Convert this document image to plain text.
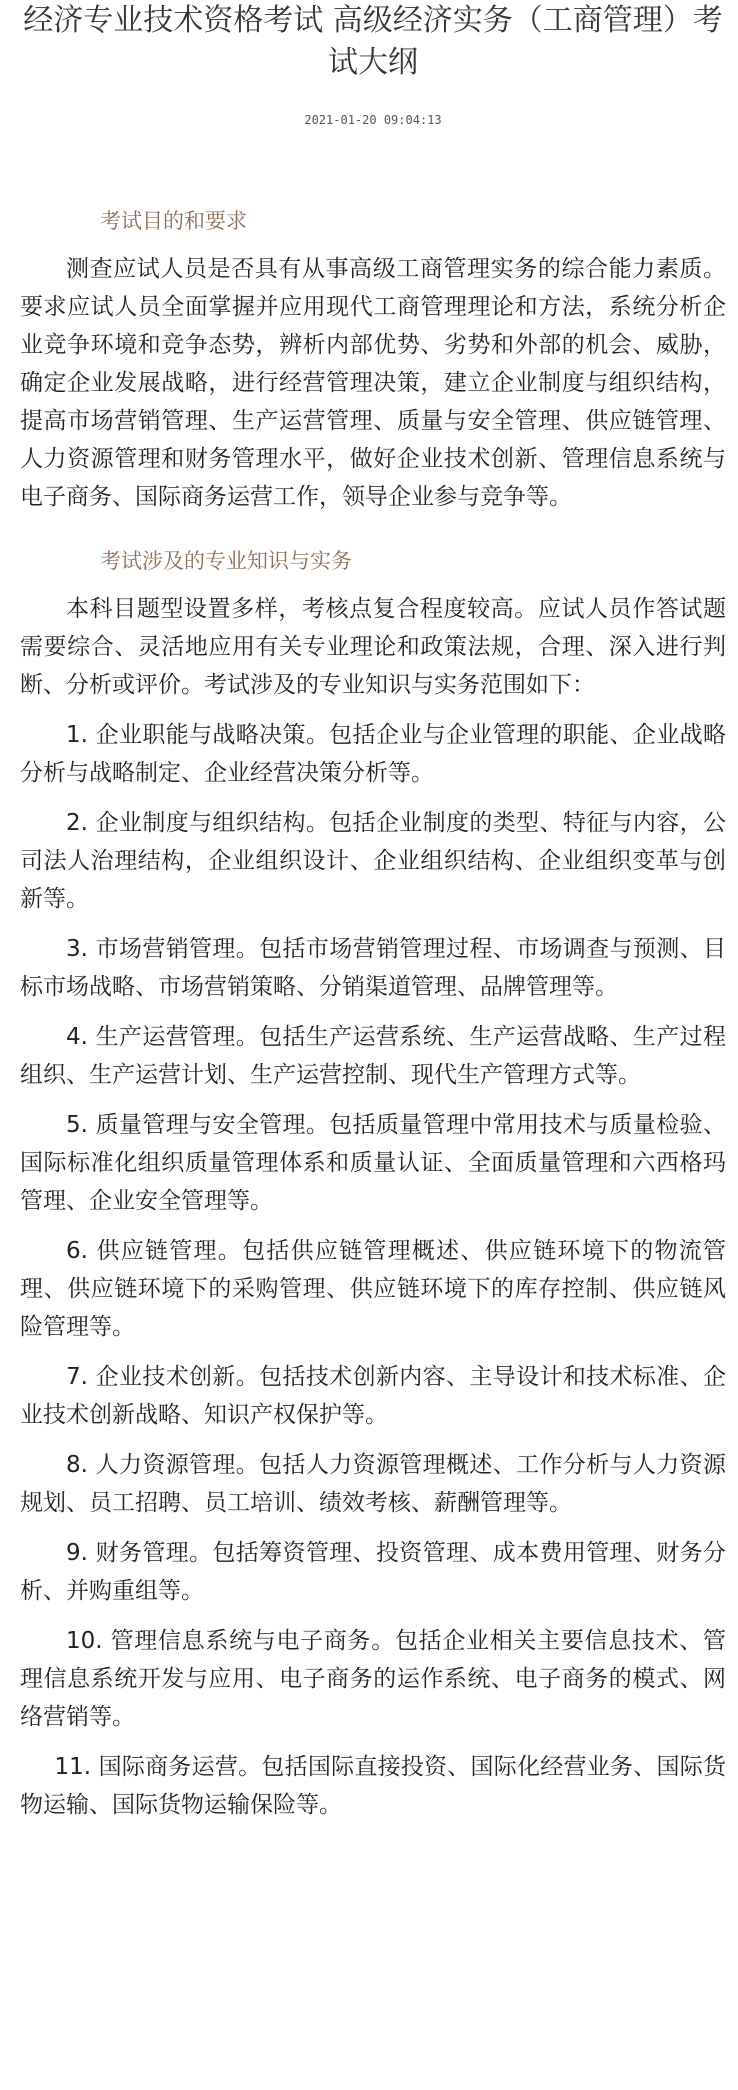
经济专业技术资格考试 高级经济实务（工商管理）考试大纲
2021-01-20 09:04:13
考试目的和要求

测查应试人员是否具有从事高级工商管理实务的综合能力素质。要求应试人员全面掌握并应用现代工商管理理论和方法，系统分析企业竞争环境和竞争态势，辨析内部优势、劣势和外部的机会、威胁，确定企业发展战略，进行经营管理决策，建立企业制度与组织结构，提高市场营销管理、生产运营管理、质量与安全管理、供应链管理、人力资源管理和财务管理水平，做好企业技术创新、管理信息系统与电子商务、国际商务运营工作，领导企业参与竞争等。

考试涉及的专业知识与实务

本科目题型设置多样，考核点复合程度较高。应试人员作答试题需要综合、灵活地应用有关专业理论和政策法规，合理、深入进行判断、分析或评价。考试涉及的专业知识与实务范围如下：

1. 企业职能与战略决策。包括企业与企业管理的职能、企业战略分析与战略制定、企业经营决策分析等。

2. 企业制度与组织结构。包括企业制度的类型、特征与内容，公司法人治理结构，企业组织设计、企业组织结构、企业组织变革与创新等。

3. 市场营销管理。包括市场营销管理过程、市场调查与预测、目标市场战略、市场营销策略、分销渠道管理、品牌管理等。

4. 生产运营管理。包括生产运营系统、生产运营战略、生产过程组织、生产运营计划、生产运营控制、现代生产管理方式等。

5. 质量管理与安全管理。包括质量管理中常用技术与质量检验、国际标准化组织质量管理体系和质量认证、全面质量管理和六西格玛管理、企业安全管理等。

6. 供应链管理。包括供应链管理概述、供应链环境下的物流管理、供应链环境下的采购管理、供应链环境下的库存控制、供应链风险管理等。

7. 企业技术创新。包括技术创新内容、主导设计和技术标准、企业技术创新战略、知识产权保护等。

8. 人力资源管理。包括人力资源管理概述、工作分析与人力资源规划、员工招聘、员工培训、绩效考核、薪酬管理等。

9. 财务管理。包括筹资管理、投资管理、成本费用管理、财务分析、并购重组等。

10. 管理信息系统与电子商务。包括企业相关主要信息技术、管理信息系统开发与应用、电子商务的运作系统、电子商务的模式、网络营销等。

11. 国际商务运营。包括国际直接投资、国际化经营业务、国际货物运输、国际货物运输保险等。
